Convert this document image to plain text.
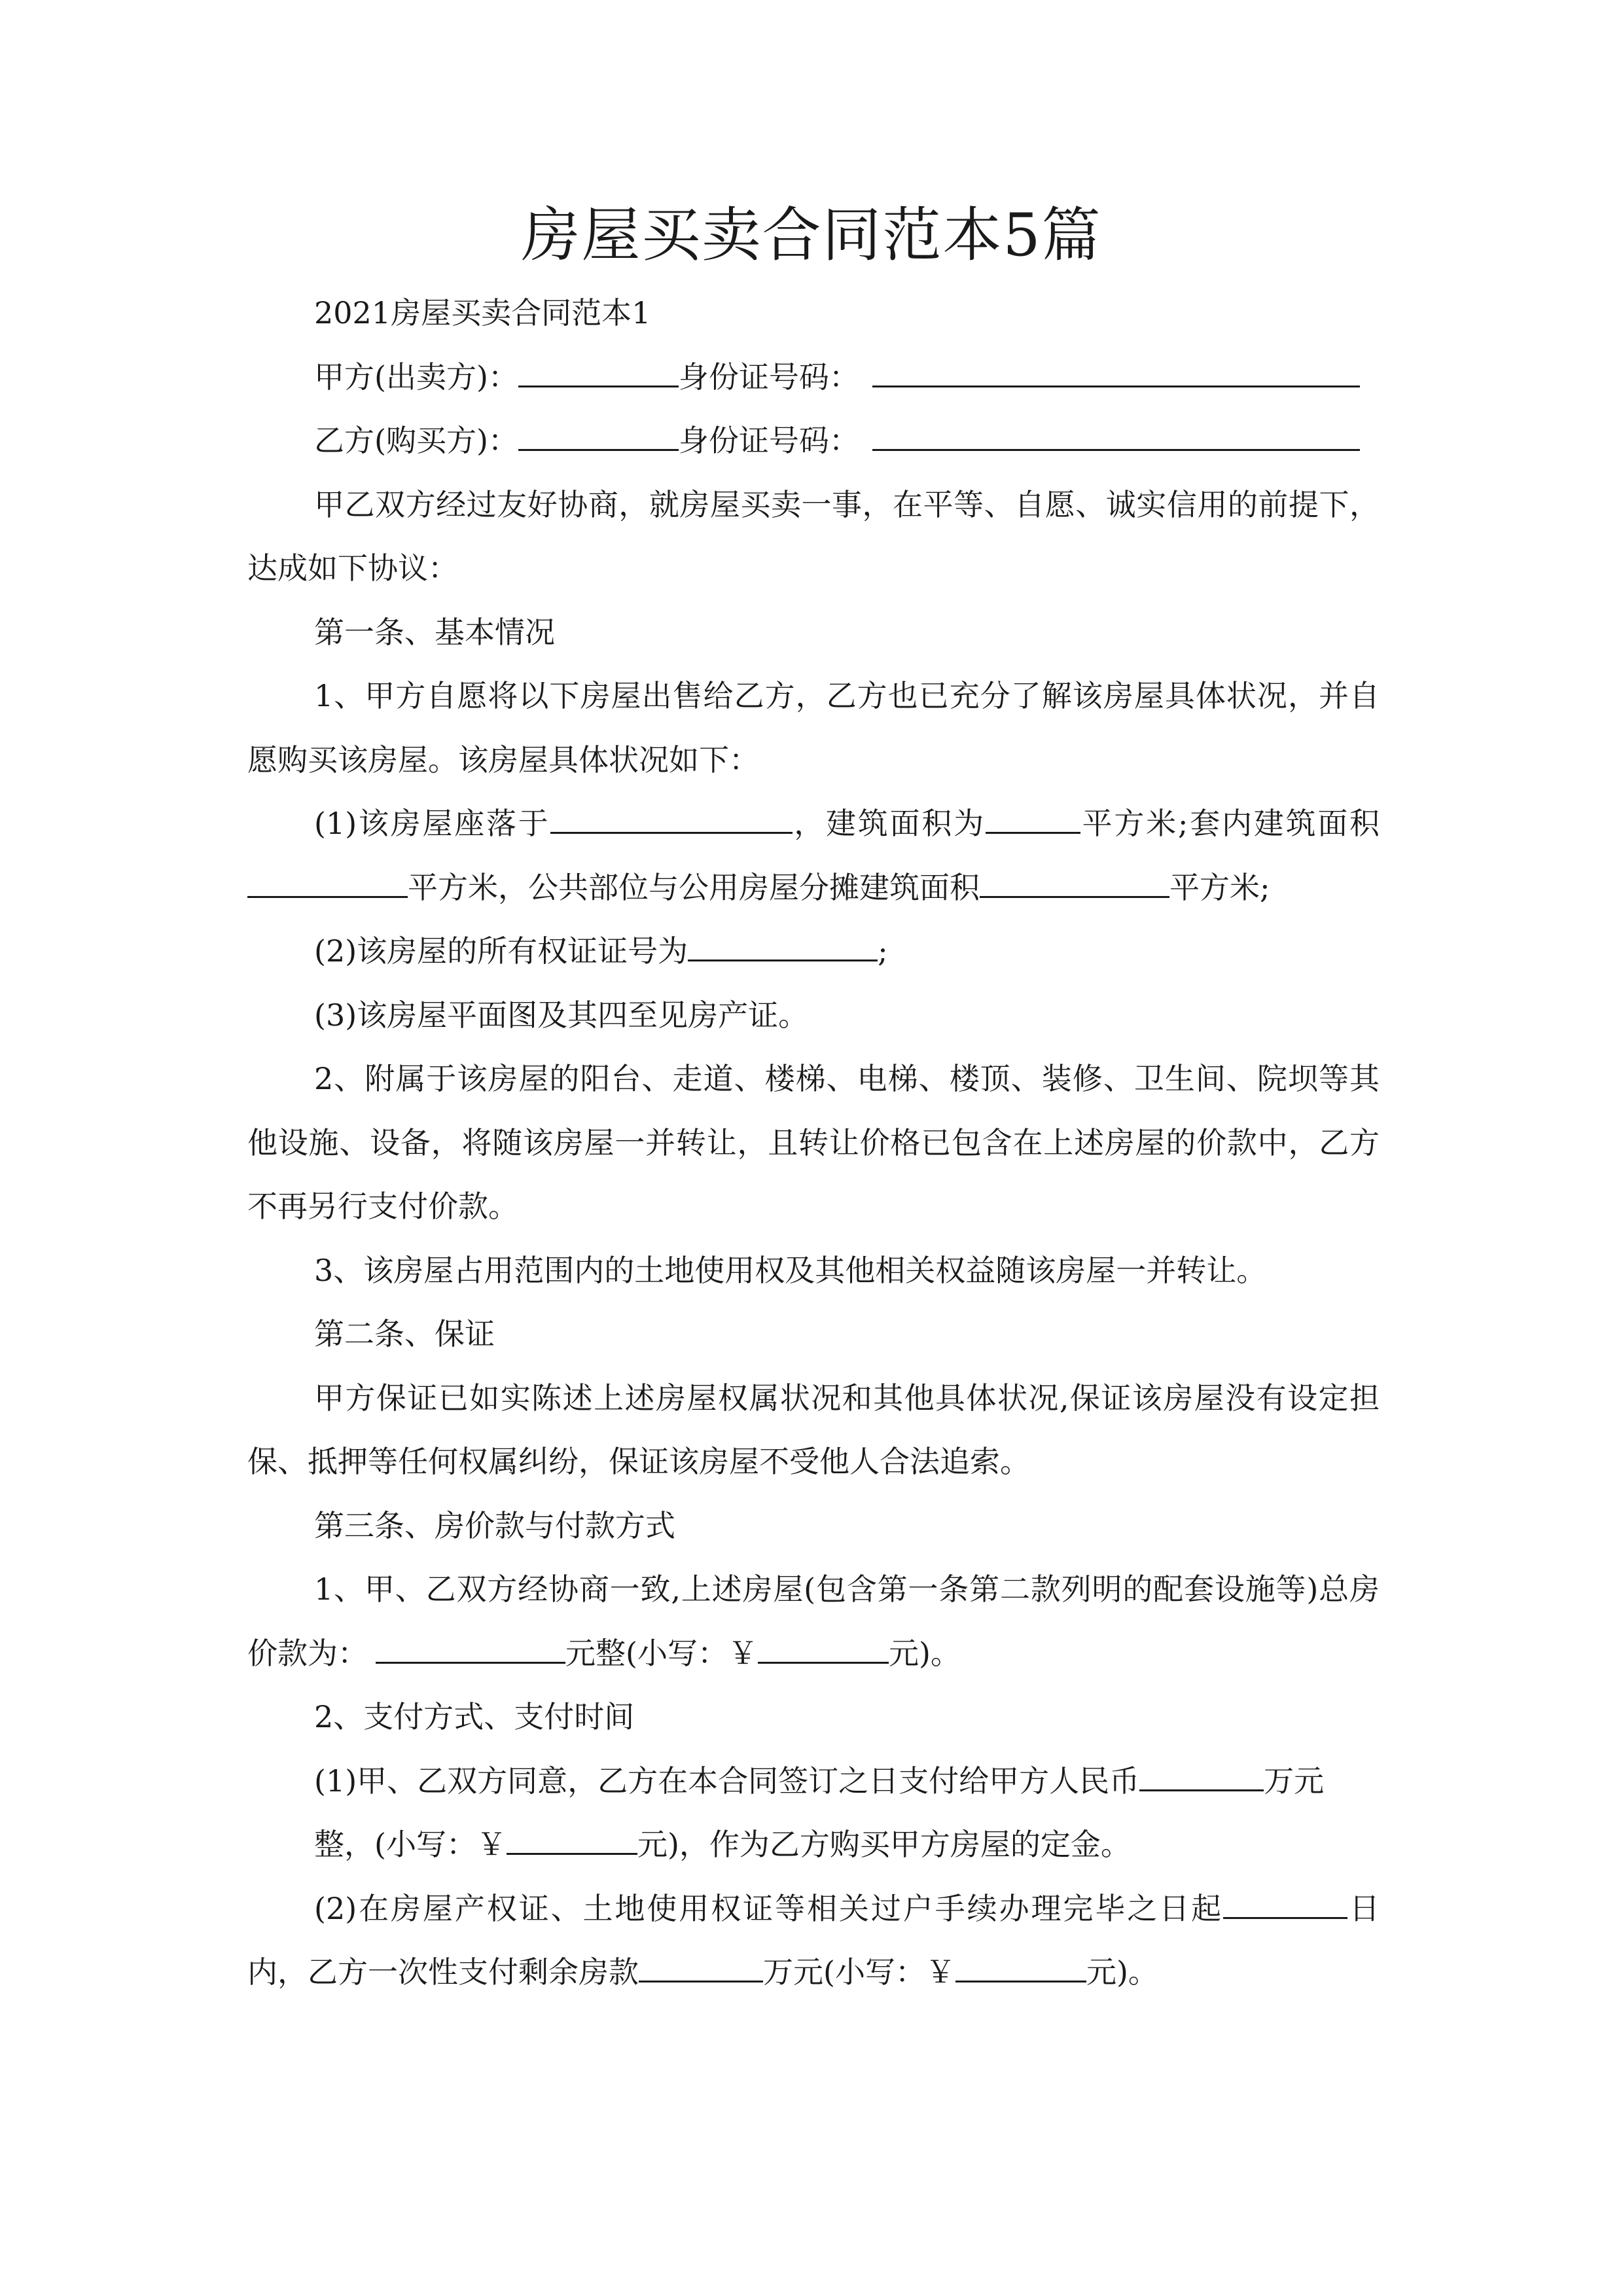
房屋买卖合同范本5篇

2021房屋买卖合同范本1

甲方(出卖方)：	身份证号码：

乙方(购买方)：	身份证号码：

甲乙双方经过友好协商，就房屋买卖一事，在平等、自愿、诚实信用的前提下，达成如下协议：

第一条、基本情况

1、甲方自愿将以下房屋出售给乙方，乙方也已充分了解该房屋具体状况，并自愿购买该房屋。该房屋具体状况如下：

(1)该房屋座落于	，建筑面积为	平方米;套内建筑面积平方米，公共部位与公用房屋分摊建筑面积	平方米;

(2)该房屋的所有权证证号为	;

(3)该房屋平面图及其四至见房产证。

2、附属于该房屋的阳台、走道、楼梯、电梯、楼顶、装修、卫生间、院坝等其他设施、设备，将随该房屋一并转让，且转让价格已包含在上述房屋的价款中，乙方不再另行支付价款。

3、该房屋占用范围内的土地使用权及其他相关权益随该房屋一并转让。

第二条、保证

甲方保证已如实陈述上述房屋权属状况和其他具体状况,保证该房屋没有设定担保、抵押等任何权属纠纷，保证该房屋不受他人合法追索。

第三条、房价款与付款方式

1、甲、乙双方经协商一致,上述房屋(包含第一条第二款列明的配套设施等)总房价款为：	元整(小写：￥	元)。

2、支付方式、支付时间

(1)甲、乙双方同意，乙方在本合同签订之日支付给甲方人民币	万元

整，(小写：￥	元)，作为乙方购买甲方房屋的定金。

(2)在房屋产权证、土地使用权证等相关过户手续办理完毕之日起	日内，乙方一次性支付剩余房款	万元(小写：￥	元)。
